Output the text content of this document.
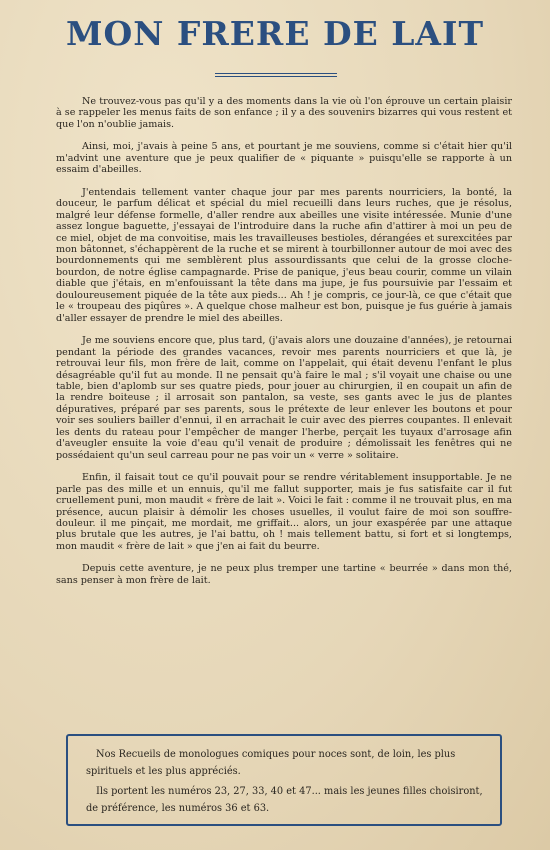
MON FRERE DE LAIT

Ne trouvez-vous pas qu'il y a des moments dans la vie où l'on éprouve un certain plaisir à se rappeler les menus faits de son enfance ; il y a des souvenirs bizarres qui vous restent et que l'on n'oublie jamais.

Ainsi, moi, j'avais à peine 5 ans, et pourtant je me souviens, comme si c'était hier qu'il m'advint une aventure que je peux qualifier de « piquante » puisqu'elle se rapporte à un essaim d'abeilles.

J'entendais tellement vanter chaque jour par mes parents nourriciers, la bonté, la douceur, le parfum délicat et spécial du miel recueilli dans leurs ruches, que je résolus, malgré leur défense formelle, d'aller rendre aux abeilles une visite intéressée. Munie d'une assez longue baguette, j'essayai de l'introduire dans la ruche afin d'attirer à moi un peu de ce miel, objet de ma convoitise, mais les travailleuses bestioles, dérangées et surexcitées par mon bâtonnet, s'échappèrent de la ruche et se mirent à tourbillonner autour de moi avec des bourdonnements qui me semblèrent plus assourdissants que celui de la grosse cloche-bourdon, de notre église campagnarde. Prise de panique, j'eus beau courir, comme un vilain diable que j'étais, en m'enfouissant la tête dans ma jupe, je fus poursuivie par l'essaim et douloureusement piquée de la tête aux pieds... Ah ! je compris, ce jour-là, ce que c'était que le « troupeau des piqûres ». A quelque chose malheur est bon, puisque je fus guérie à jamais d'aller essayer de prendre le miel des abeilles.

Je me souviens encore que, plus tard, (j'avais alors une douzaine d'années), je retournai pendant la période des grandes vacances, revoir mes parents nourriciers et que là, je retrouvai leur fils, mon frère de lait, comme on l'appelait, qui était devenu l'enfant le plus désagréable qu'il fut au monde. Il ne pensait qu'à faire le mal ; s'il voyait une chaise ou une table, bien d'aplomb sur ses quatre pieds, pour jouer au chirurgien, il en coupait un afin de la rendre boiteuse ; il arrosait son pantalon, sa veste, ses gants avec le jus de plantes dépuratives, préparé par ses parents, sous le prétexte de leur enlever les boutons et pour voir ses souliers bailler d'ennui, il en arrachait le cuir avec des pierres coupantes. Il enlevait les dents du rateau pour l'empêcher de manger l'herbe, perçait les tuyaux d'arrosage afin d'aveugler ensuite la voie d'eau qu'il venait de produire ; démolissait les fenêtres qui ne possédaient qu'un seul carreau pour ne pas voir un « verre » solitaire.

Enfin, il faisait tout ce qu'il pouvait pour se rendre véritablement insupportable. Je ne parle pas des mille et un ennuis, qu'il me fallut supporter, mais je fus satisfaite car il fut cruellement puni, mon maudit « frère de lait ». Voici le fait : comme il ne trouvait plus, en ma présence, aucun plaisir à démolir les choses usuelles, il voulut faire de moi son souffre-douleur. il me pinçait, me mordait, me griffait... alors, un jour exaspérée par une attaque plus brutale que les autres, je l'ai battu, oh ! mais tellement battu, si fort et si longtemps, mon maudit « frère de lait » que j'en ai fait du beurre.

Depuis cette aventure, je ne peux plus tremper une tartine « beurrée » dans mon thé, sans penser à mon frère de lait.

Nos Recueils de monologues comiques pour noces sont, de loin, les plus spirituels et les plus appréciés.

Ils portent les numéros 23, 27, 33, 40 et 47... mais les jeunes filles choisiront, de préférence, les numéros 36 et 63.
